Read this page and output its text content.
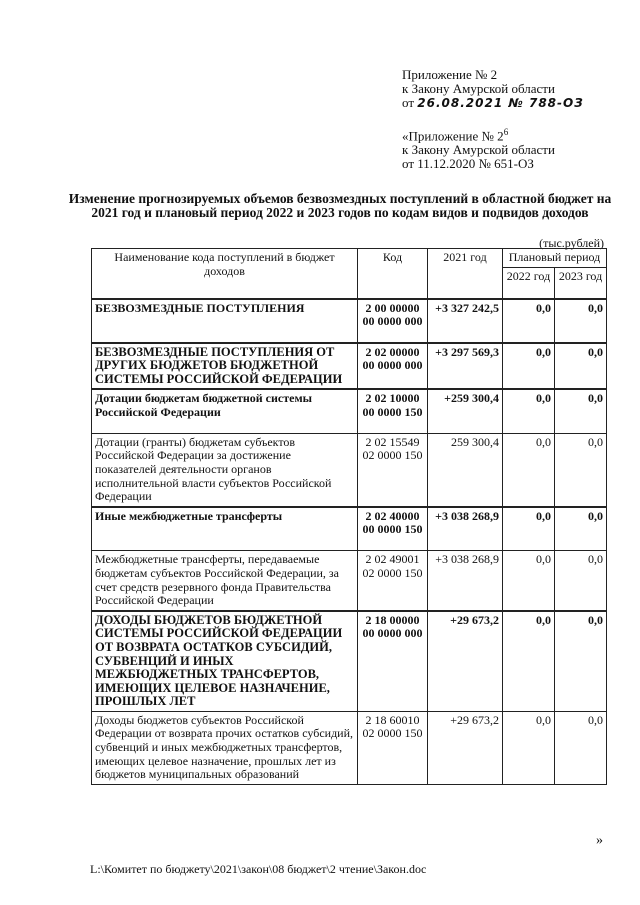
Приложение № 2
к Закону Амурской области
от 26.08.2021 № 788-ОЗ
«Приложение № $2^6$
к Закону Амурской области
от 11.12.2020 № 651-ОЗ
Изменение прогнозируемых объемов безвозмездных поступлений в областной бюджет на 2021 год и плановый период 2022 и 2023 годов по кодам видов и подвидов доходов
(тыс.рублей)
Наименование кода поступлений в бюджет доходов	Код	2021 год	Плановый период	
			2022 год	2023 год
БЕЗВОЗМЕЗДНЫЕ ПОСТУПЛЕНИЯ	2 00 00000 00 0000 000	+3 327 242,5	0,0	0,0
БЕЗВОЗМЕЗДНЫЕ ПОСТУПЛЕНИЯ ОТ ДРУГИХ БЮДЖЕТОВ БЮДЖЕТНОЙ СИСТЕМЫ РОССИЙСКОЙ ФЕДЕРАЦИИ	2 02 00000 00 0000 000	+3 297 569,3	0,0	0,0
Дотации бюджетам бюджетной системы Российской Федерации	2 02 10000 00 0000 150	+259 300,4	0,0	0,0
Дотации (гранты) бюджетам субъектов Российской Федерации за достижение показателей деятельности органов исполнительной власти субъектов Российской Федерации	2 02 15549 02 0000 150	259 300,4	0,0	0,0
Иные межбюджетные трансферты	2 02 40000 00 0000 150	+3 038 268,9	0,0	0,0
Межбюджетные трансферты, передаваемые бюджетам субъектов Российской Федерации, за счет средств резервного фонда Правительства Российской Федерации	2 02 49001 02 0000 150	+3 038 268,9	0,0	0,0
ДОХОДЫ БЮДЖЕТОВ БЮДЖЕТНОЙ СИСТЕМЫ РОССИЙСКОЙ ФЕДЕРАЦИИ ОТ ВОЗВРАТА ОСТАТКОВ СУБСИДИЙ, СУБВЕНЦИЙ И ИНЫХ МЕЖБЮДЖЕТНЫХ ТРАНСФЕРТОВ, ИМЕЮЩИХ ЦЕЛЕВОЕ НАЗНАЧЕНИЕ, ПРОШЛЫХ ЛЕТ	2 18 00000 00 0000 000	+29 673,2	0,0	0,0
Доходы бюджетов субъектов Российской Федерации от возврата прочих остатков субсидий, субвенций и иных межбюджетных трансфертов, имеющих целевое назначение, прошлых лет из бюджетов муниципальных образований	2 18 60010 02 0000 150	+29 673,2	0,0	0,0
»
L:\Комитет по бюджету\2021\закон\08 бюджет\2 чтение\Закон.doc
